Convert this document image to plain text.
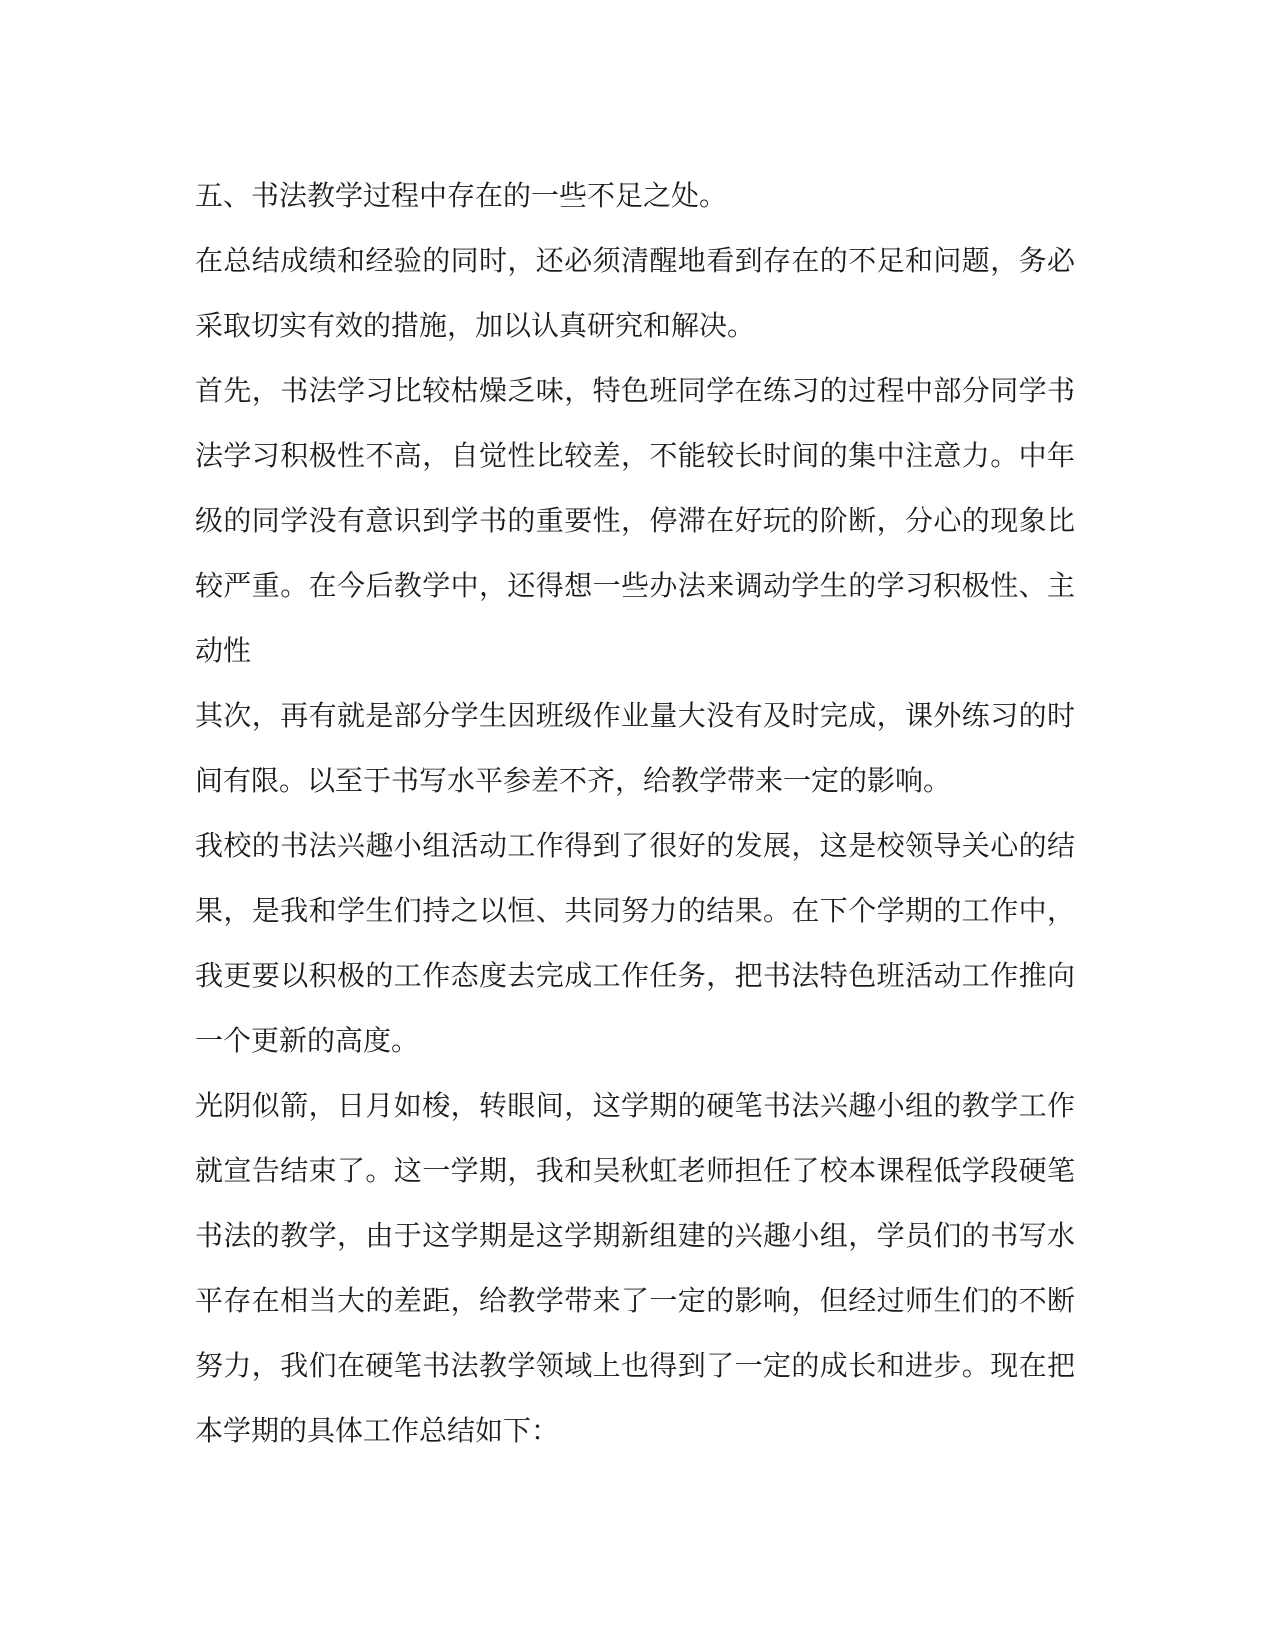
五、书法教学过程中存在的一些不足之处。

在总结成绩和经验的同时，还必须清醒地看到存在的不足和问题，务必采取切实有效的措施，加以认真研究和解决。

首先，书法学习比较枯燥乏味，特色班同学在练习的过程中部分同学书法学习积极性不高，自觉性比较差，不能较长时间的集中注意力。中年级的同学没有意识到学书的重要性，停滞在好玩的阶断，分心的现象比较严重。在今后教学中，还得想一些办法来调动学生的学习积极性、主动性

其次，再有就是部分学生因班级作业量大没有及时完成，课外练习的时间有限。以至于书写水平参差不齐，给教学带来一定的影响。

我校的书法兴趣小组活动工作得到了很好的发展，这是校领导关心的结果，是我和学生们持之以恒、共同努力的结果。在下个学期的工作中，我更要以积极的工作态度去完成工作任务，把书法特色班活动工作推向一个更新的高度。

光阴似箭，日月如梭，转眼间，这学期的硬笔书法兴趣小组的教学工作就宣告结束了。这一学期，我和吴秋虹老师担任了校本课程低学段硬笔书法的教学，由于这学期是这学期新组建的兴趣小组，学员们的书写水平存在相当大的差距，给教学带来了一定的影响，但经过师生们的不断努力，我们在硬笔书法教学领域上也得到了一定的成长和进步。现在把本学期的具体工作总结如下：
